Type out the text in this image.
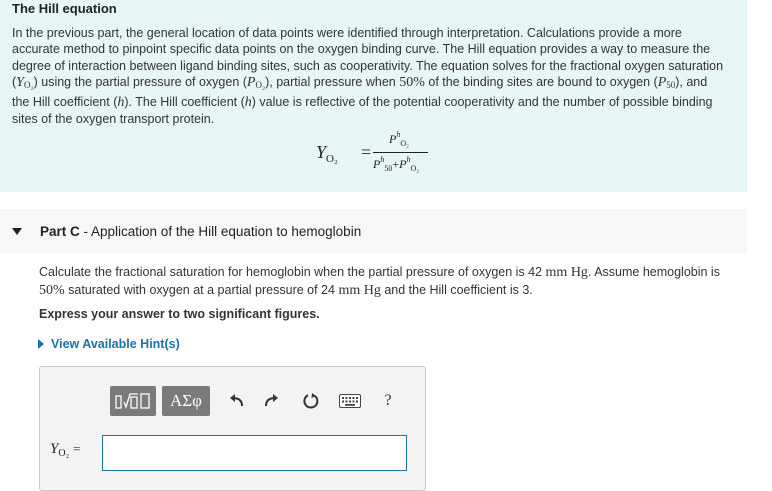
The Hill equation
In the previous part, the general location of data points were identified through interpretation. Calculations provide a more accurate method to pinpoint specific data points on the oxygen binding curve. The Hill equation provides a way to measure the degree of interaction between ligand binding sites, such as cooperativity. The equation solves for the fractional oxygen saturation $(Y_{O_2})$ using the partial pressure of oxygen $(P_{O_2})$, partial pressure when 50% of the binding sites are bound to oxygen $(P_{50})$, and the Hill coefficient (h). The Hill coefficient (h) value is reflective of the potential cooperativity and the number of possible binding sites of the oxygen transport protein.
$Y_{O_2}$ =
$P^h_{O_2}$
$P^h_{50}+P^h_{O_2}$
Part C - Application of the Hill equation to hemoglobin
Calculate the fractional saturation for hemoglobin when the partial pressure of oxygen is 42 mm Hg. Assume hemoglobin is 50% saturated with oxygen at a partial pressure of 24 mm Hg and the Hill coefficient is 3.
Express your answer to two significant figures.
View Available Hint(s)
ΑΣφ	?
$Y_{O_2}$ =
